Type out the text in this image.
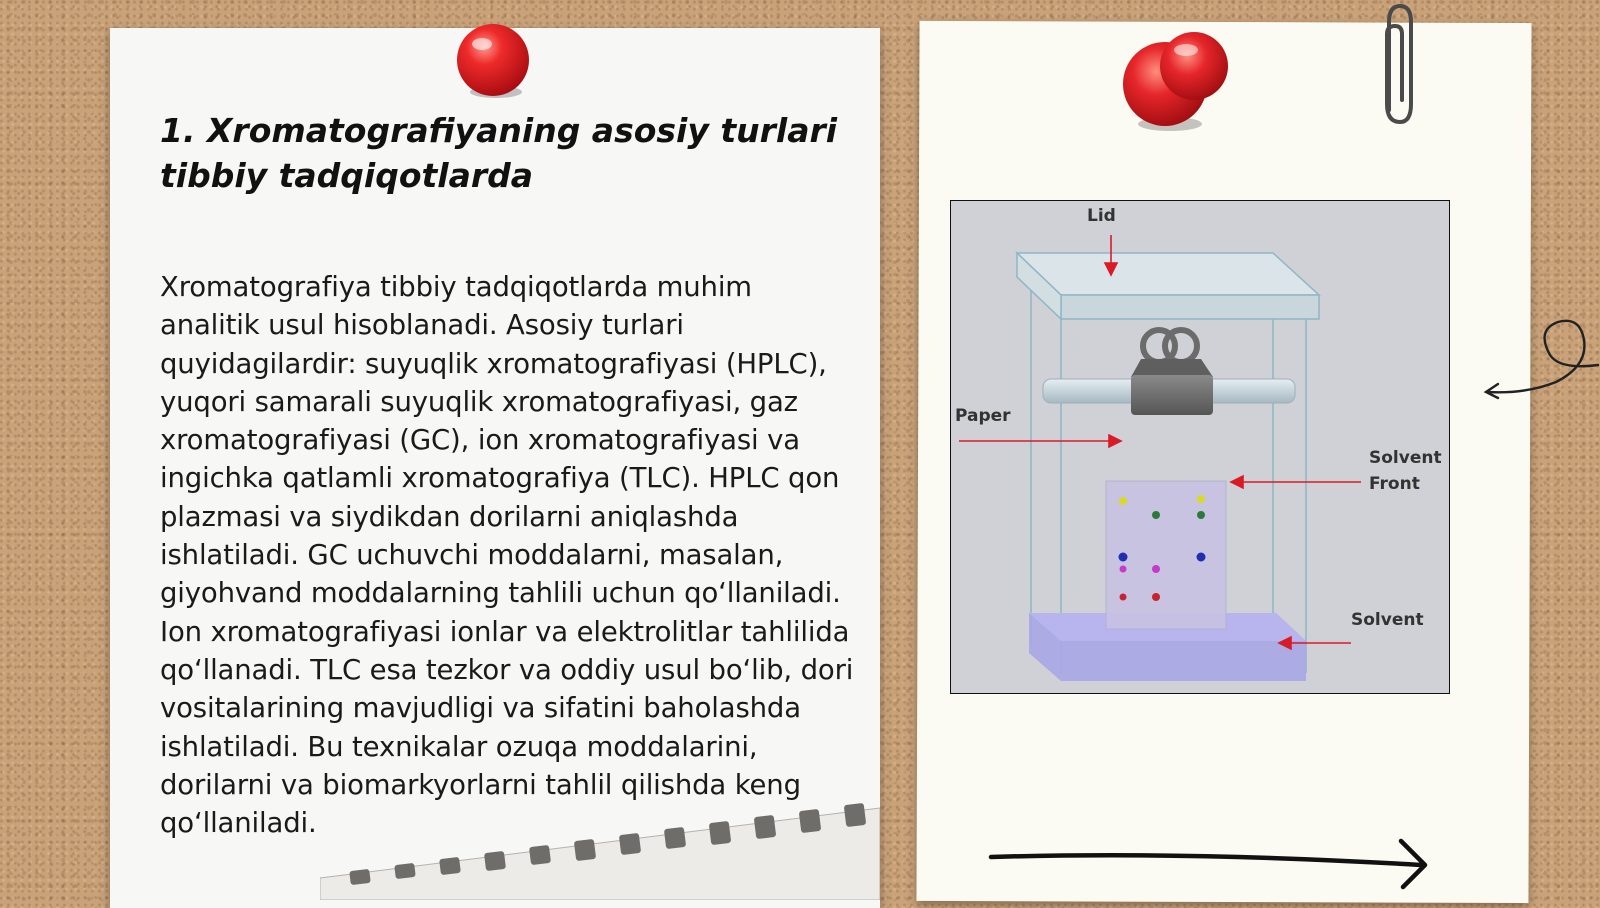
1. Xromatografiyaning asosiy turlari tibbiy tadqiqotlarda

Xromatografiya tibbiy tadqiqotlarda muhim analitik usul hisoblanadi. Asosiy turlari quyidagilardir: suyuqlik xromatografiyasi (HPLC), yuqori samarali suyuqlik xromatografiyasi, gaz xromatografiyasi (GC), ion xromatografiyasi va ingichka qatlamli xromatografiya (TLC). HPLC qon plazmasi va siydikdan dorilarni aniqlashda ishlatiladi. GC uchuvchi moddalarni, masalan, giyohvand moddalarning tahlili uchun qo‘llaniladi. Ion xromatografiyasi ionlar va elektrolitlar tahlilida qo‘llanadi. TLC esa tezkor va oddiy usul bo‘lib, dori vositalarining mavjudligi va sifatini baholashda ishlatiladi. Bu texnikalar ozuqa moddalarini, dorilarni va biomarkyorlarni tahlil qilishda keng qo‘llaniladi.

Lid
Paper
Solvent
Front
Solvent
